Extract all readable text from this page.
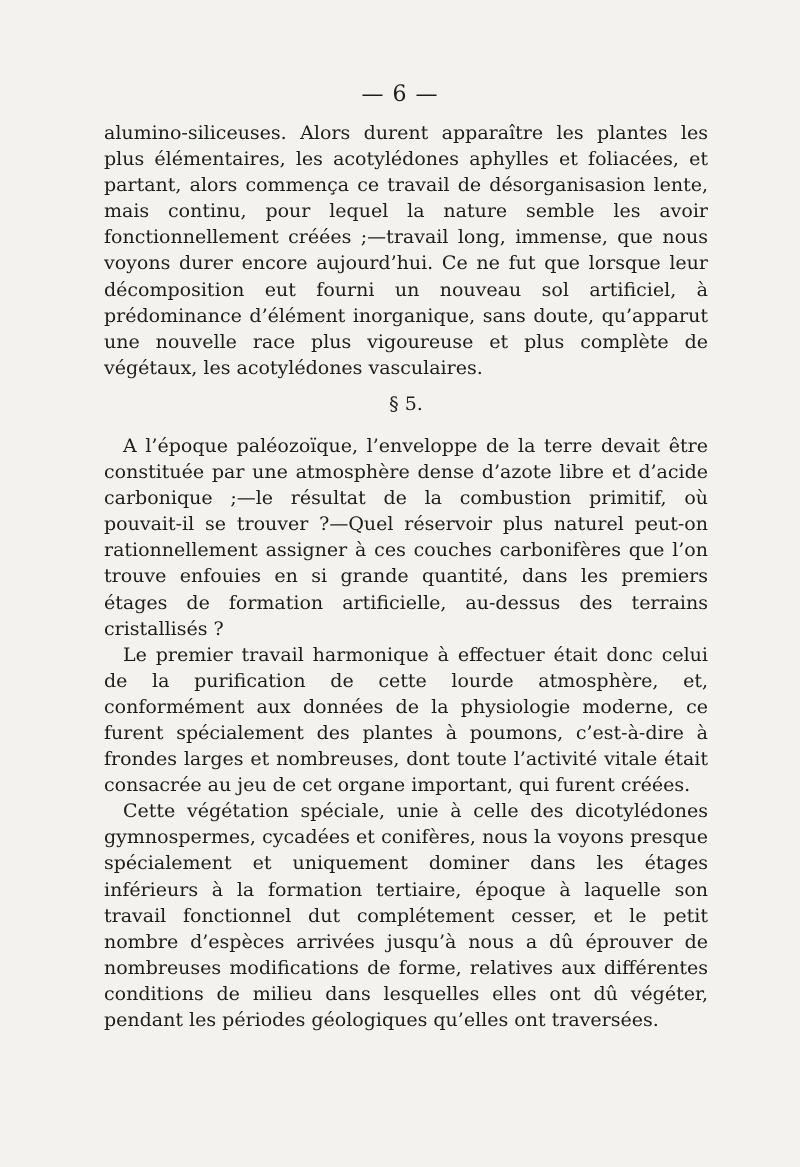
— 6 —

alumino-siliceuses. Alors durent apparaître les plantes les plus élémentaires, les acotylédones aphylles et foliacées, et partant, alors commença ce travail de désorganisasion lente, mais continu, pour lequel la nature semble les avoir fonctionnellement créées ;—travail long, immense, que nous voyons durer encore aujourd’hui. Ce ne fut que lorsque leur décomposition eut fourni un nouveau sol artificiel, à prédominance d’élément inorganique, sans doute, qu’apparut une nouvelle race plus vigoureuse et plus complète de végétaux, les acotylédones vasculaires.

§ 5.

A l’époque paléozoïque, l’enveloppe de la terre devait être constituée par une atmosphère dense d’azote libre et d’acide carbonique ;—le résultat de la combustion primitif, où pouvait-il se trouver ?—Quel réservoir plus naturel peut-on rationnellement assigner à ces couches carbonifères que l’on trouve enfouies en si grande quantité, dans les premiers étages de formation artificielle, au-dessus des terrains cristallisés ?

Le premier travail harmonique à effectuer était donc celui de la purification de cette lourde atmosphère, et, conformément aux données de la physiologie moderne, ce furent spécialement des plantes à poumons, c’est-à-dire à frondes larges et nombreuses, dont toute l’activité vitale était consacrée au jeu de cet organe important, qui furent créées.

Cette végétation spéciale, unie à celle des dicotylédones gymnospermes, cycadées et conifères, nous la voyons presque spécialement et uniquement dominer dans les étages inférieurs à la formation tertiaire, époque à laquelle son travail fonctionnel dut complétement cesser, et le petit nombre d’espèces arrivées jusqu’à nous a dû éprouver de nombreuses modifications de forme, relatives aux différentes conditions de milieu dans lesquelles elles ont dû végéter, pendant les périodes géologiques qu’elles ont traversées.
